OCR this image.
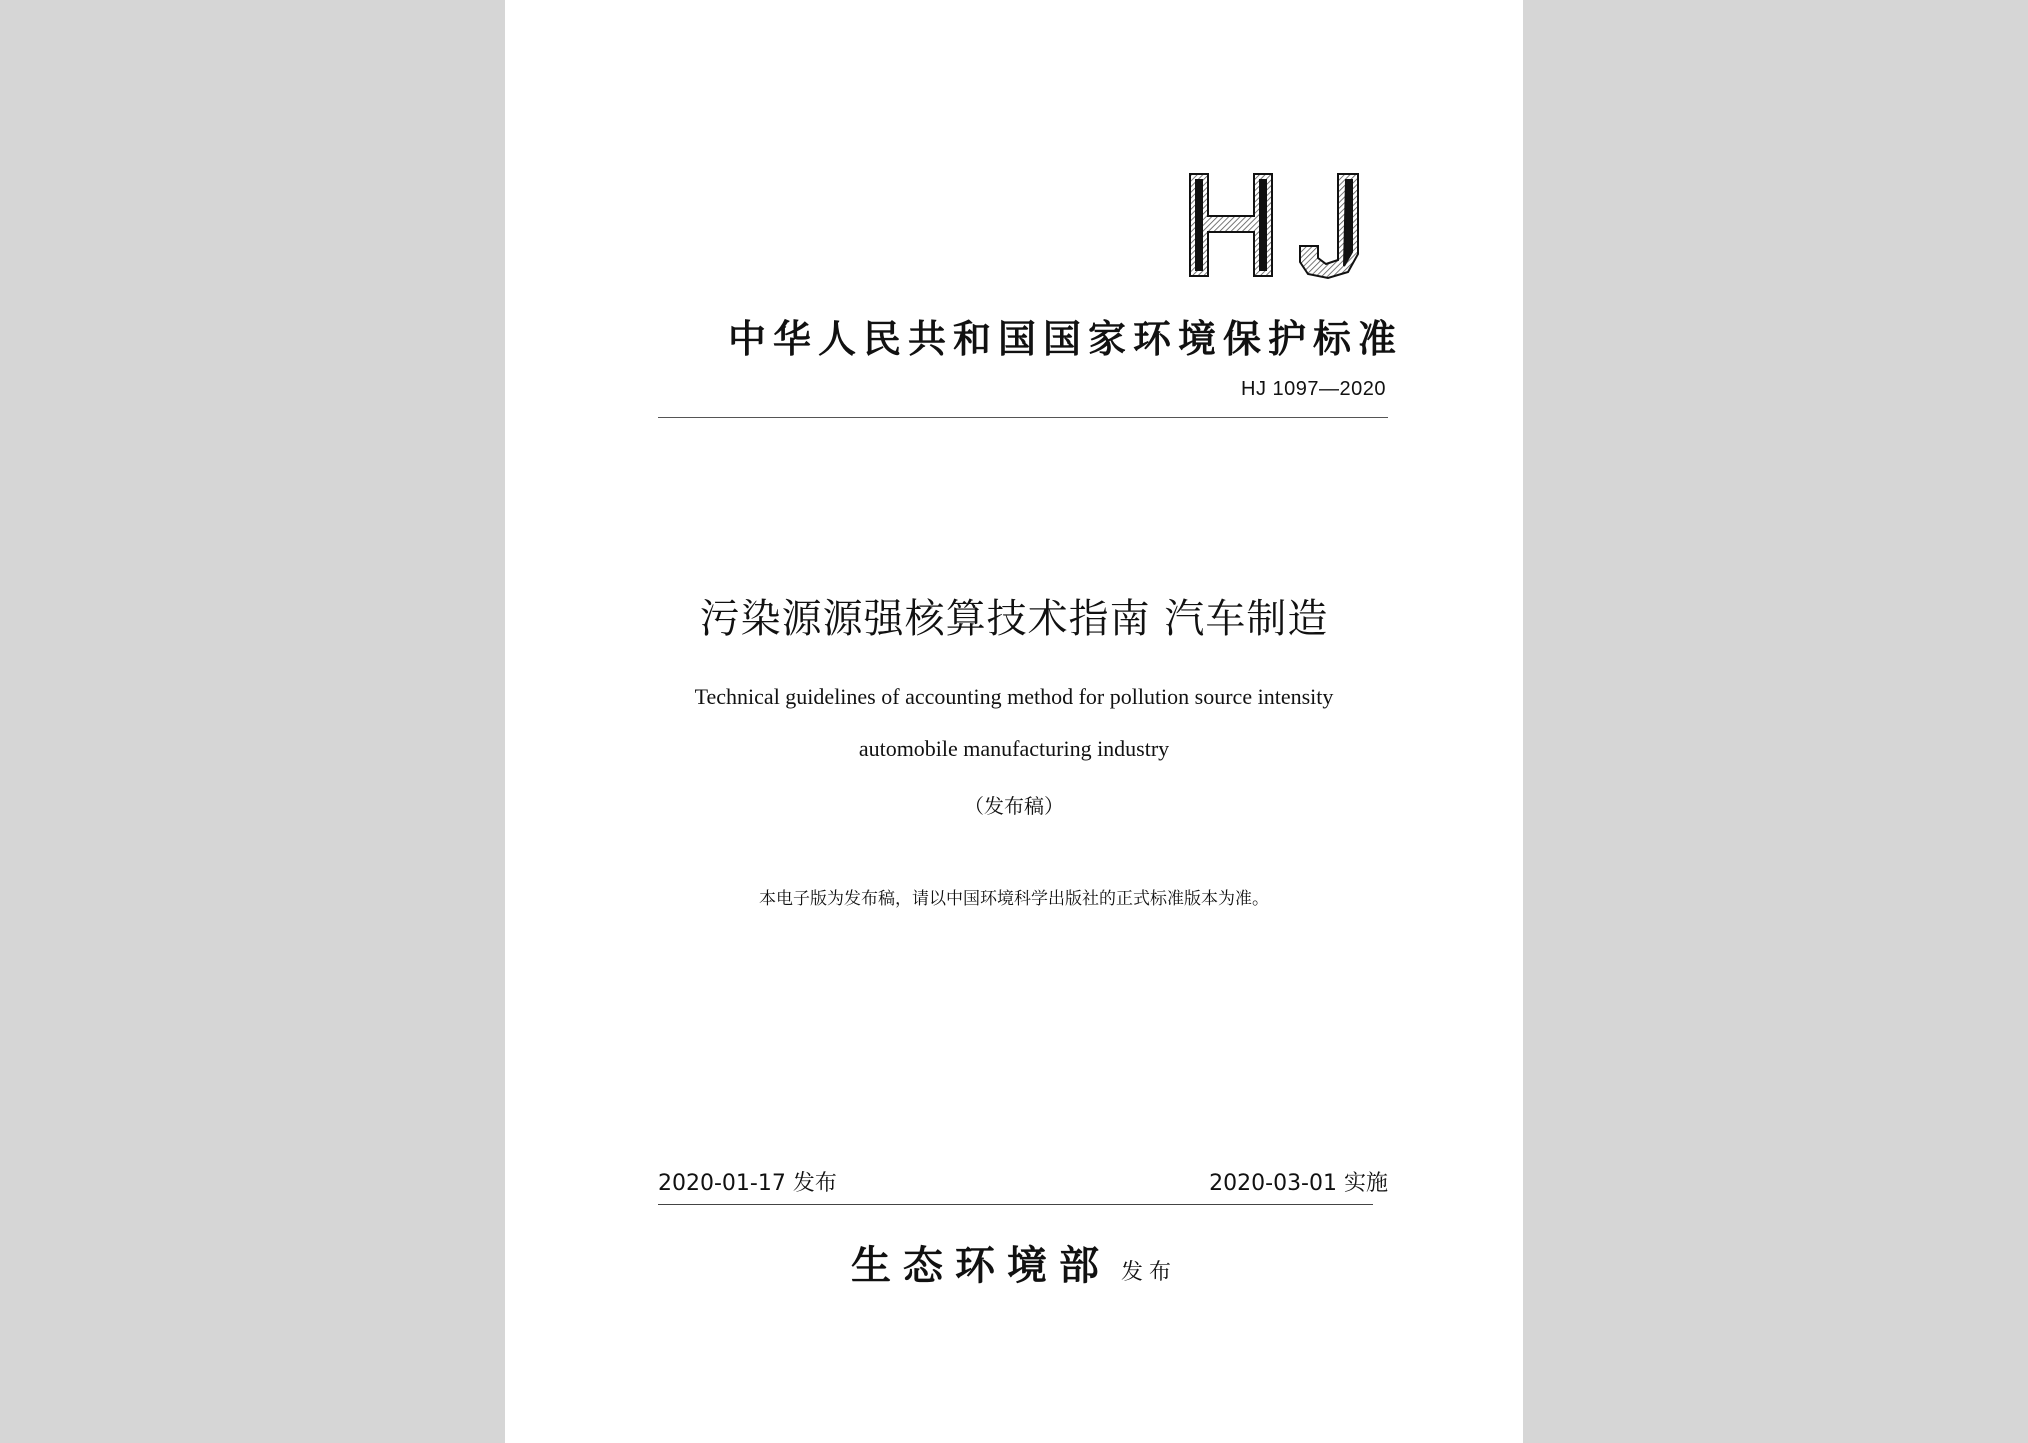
中华人民共和国国家环境保护标准
HJ 1097—2020
污染源源强核算技术指南 汽车制造
Technical guidelines of accounting method for pollution source intensity
automobile manufacturing industry
（发布稿）
本电子版为发布稿，请以中国环境科学出版社的正式标准版本为准。
2020-01-17 发布	2020-03-01 实施
生态环境部 发布
